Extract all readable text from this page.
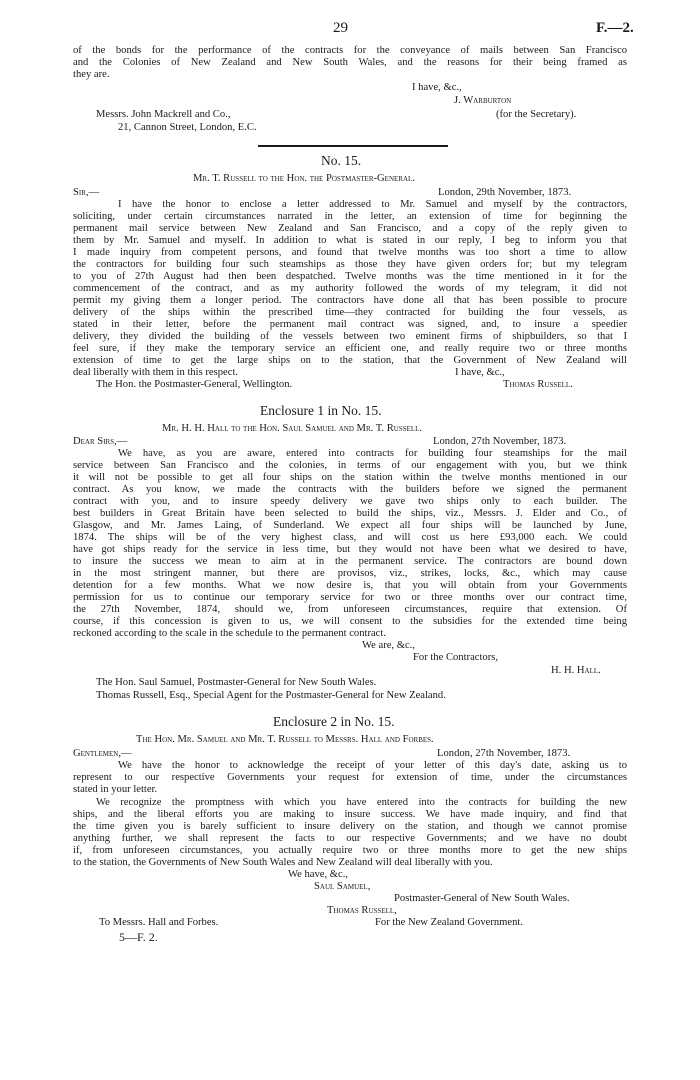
29	F.—2.
of the bonds for the performance of the contracts for the conveyance of mails between San Francisco
and the Colonies of New Zealand and New South Wales, and the reasons for their being framed as
they are.
I have, &c.,
J. Warburton
Messrs. John Mackrell and Co.,	(for the Secretary).
21, Cannon Street, London, E.C.
No. 15.
Mr. T. Russell to the Hon. the Postmaster-General.
Sir,—	London, 29th November, 1873.
I have the honor to enclose a letter addressed to Mr. Samuel and myself by the contractors,
soliciting, under certain circumstances narrated in the letter, an extension of time for beginning the
permanent mail service between New Zealand and San Francisco, and a copy of the reply given to
them by Mr. Samuel and myself. In addition to what is stated in our reply, I beg to inform you that
I made inquiry from competent persons, and found that twelve months was too short a time to allow
the contractors for building four such steamships as those they have given orders for; but my telegram
to you of 27th August had then been despatched. Twelve months was the time mentioned in it for the
commencement of the contract, and as my authority followed the words of my telegram, it did not
permit my giving them a longer period. The contractors have done all that has been possible to procure
delivery of the ships within the prescribed time—they contracted for building the four vessels, as
stated in their letter, before the permanent mail contract was signed, and, to insure a speedier
delivery, they divided the building of the vessels between two eminent firms of shipbuilders, so that I
feel sure, if they make the temporary service an efficient one, and really require two or three months
extension of time to get the large ships on to the station, that the Government of New Zealand will
deal liberally with them in this respect.	I have, &c.,
The Hon. the Postmaster-General, Wellington.	Thomas Russell.
Enclosure 1 in No. 15.
Mr. H. H. Hall to the Hon. Saul Samuel and Mr. T. Russell.
Dear Sirs,—	London, 27th November, 1873.
We have, as you are aware, entered into contracts for building four steamships for the mail
service between San Francisco and the colonies, in terms of our engagement with you, but we think
it will not be possible to get all four ships on the station within the twelve months mentioned in our
contract. As you know, we made the contracts with the builders before we signed the permanent
contract with you, and to insure speedy delivery we gave two ships only to each builder. The
best builders in Great Britain have been selected to build the ships, viz., Messrs. J. Elder and Co., of
Glasgow, and Mr. James Laing, of Sunderland. We expect all four ships will be launched by June,
1874. The ships will be of the very highest class, and will cost us here £93,000 each. We could
have got ships ready for the service in less time, but they would not have been what we desired to have,
to insure the success we mean to aim at in the permanent service. The contractors are bound down
in the most stringent manner, but there are provisos, viz., strikes, locks, &c., which may cause
detention for a few months. What we now desire is, that you will obtain from your Governments
permission for us to continue our temporary service for two or three months over our contract time,
the 27th November, 1874, should we, from unforeseen circumstances, require that extension. Of
course, if this concession is given to us, we will consent to the subsidies for the extended time being
reckoned according to the scale in the schedule to the permanent contract.
We are, &c.,
For the Contractors,
H. H. Hall.
The Hon. Saul Samuel, Postmaster-General for New South Wales.
Thomas Russell, Esq., Special Agent for the Postmaster-General for New Zealand.
Enclosure 2 in No. 15.
The Hon. Mr. Samuel and Mr. T. Russell to Messrs. Hall and Forbes.
Gentlemen,—	London, 27th November, 1873.
We have the honor to acknowledge the receipt of your letter of this day's date, asking us to
represent to our respective Governments your request for extension of time, under the circumstances
stated in your letter.
We recognize the promptness with which you have entered into the contracts for building the new
ships, and the liberal efforts you are making to insure success. We have made inquiry, and find that
the time given you is barely sufficient to insure delivery on the station, and though we cannot promise
anything further, we shall represent the facts to our respective Governments; and we have no doubt
if, from unforeseen circumstances, you actually require two or three months more to get the new ships
to the station, the Governments of New South Wales and New Zealand will deal liberally with you.
We have, &c.,
Saul Samuel,
Postmaster-General of New South Wales.
Thomas Russell,
To Messrs. Hall and Forbes.	For the New Zealand Government.
5—F. 2.
